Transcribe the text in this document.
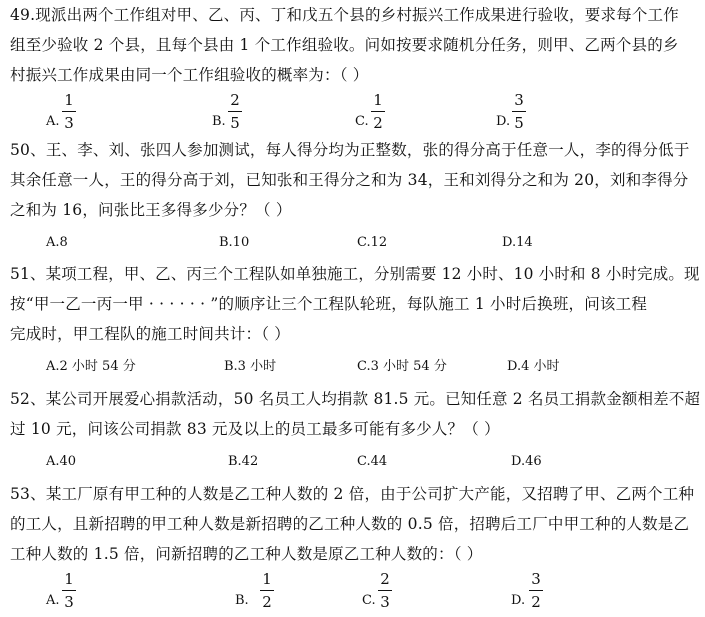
49.现派出两个工作组对甲、乙、丙、丁和戊五个县的乡村振兴工作成果进行验收，要求每个工作
组至少验收 2 个县，且每个县由 1 个工作组验收。问如按要求随机分任务，则甲、乙两个县的乡
村振兴工作成果由同一个工作组验收的概率为：（ ）
A.
1
3	B.
2
5	C.
1
2	D.
3
5
50、王、李、刘、张四人参加测试，每人得分均为正整数，张的得分高于任意一人，李的得分低于
其余任意一人，王的得分高于刘，已知张和王得分之和为 34，王和刘得分之和为 20，刘和李得分
之和为 16，问张比王多得多少分？（ ）
A.8	B.10	C.12	D.14
51、某项工程，甲、乙、丙三个工程队如单独施工，分别需要 12 小时、10 小时和 8 小时完成。现
按“甲一乙一丙一甲 · · · · · · ”的顺序让三个工程队轮班，每队施工 1 小时后换班，问该工程
完成时，甲工程队的施工时间共计：（ ）
A.2 小时 54 分	B.3 小时	C.3 小时 54 分	D.4 小时
52、某公司开展爱心捐款活动，50 名员工人均捐款 81.5 元。已知任意 2 名员工捐款金额相差不超
过 10 元，问该公司捐款 83 元及以上的员工最多可能有多少人？（ ）
A.40	B.42	C.44	D.46
53、某工厂原有甲工种的人数是乙工种人数的 2 倍，由于公司扩大产能，又招聘了甲、乙两个工种
的工人，且新招聘的甲工种人数是新招聘的乙工种人数的 0.5 倍，招聘后工厂中甲工种的人数是乙
工种人数的 1.5 倍，问新招聘的乙工种人数是原乙工种人数的：（ ）
A.
1
3	B.
1
2	C.
2
3	D.
3
2
